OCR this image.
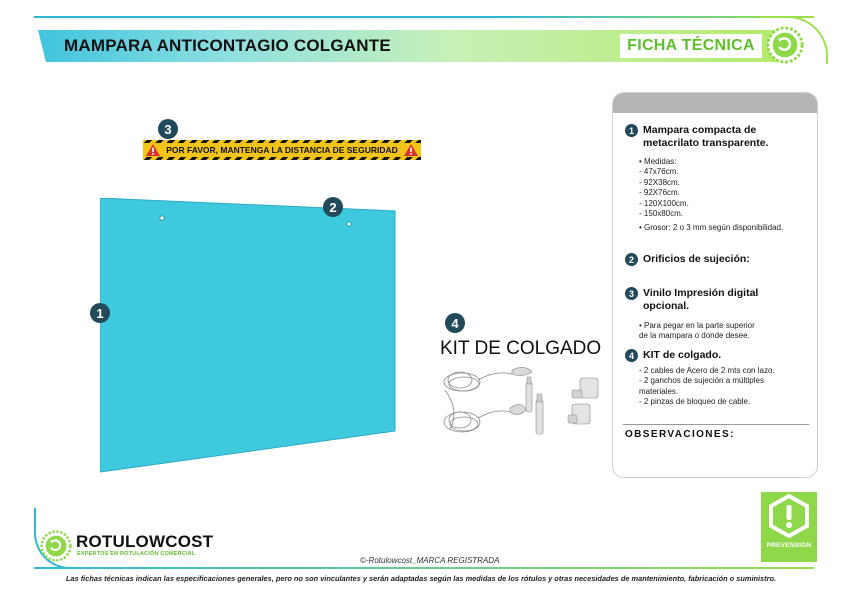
MAMPARA ANTICONTAGIO COLGANTE	FICHA TÉCNICA
3
POR FAVOR, MANTENGA LA DISTANCIA DE SEGURIDAD
1
2
4
KIT DE COLGADO
1 Mampara compacta de
metacrilato transparente.
• Medidas:
- 47x76cm.
- 92X38cm.
- 92X76cm.
- 120X100cm.
- 150x80cm.
• Grosor: 2 o 3 mm según disponibilidad.
2 Orificios de sujeción:
3 Vinilo Impresión digital
opcional.
• Para pegar en la parte superior
de la mampara o donde desee.
4 KIT de colgado.
- 2 cables de Acero de 2 mts con lazo.
- 2 ganchos de sujeción a múltiples
materiales.
- 2 pinzas de bloqueo de cable.
OBSERVACIONES:
ROTULOWCOST
EXPERTOS EN ROTULACIÓN COMERCIAL
©-Rotulowcost_MARCA REGISTRADA
Las fichas técnicas indican las especificaciones generales, pero no son vinculantes y serán adaptadas según las medidas de los rótulos y otras necesidades de mantenimiento, fabricación o suministro.
PREVENSIGN
